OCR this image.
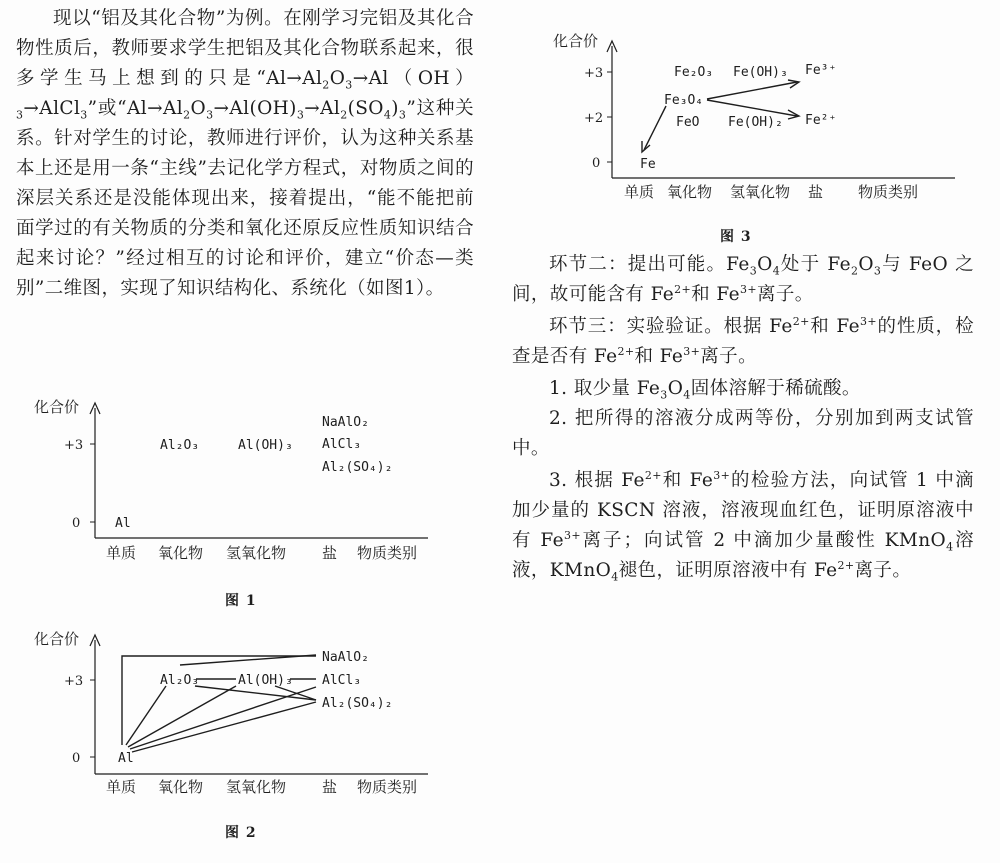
现以“铝及其化合物”为例。在刚学习完铝及其化合物性质后，教师要求学生把铝及其化合物联系起来，很多学生马上想到的只是“$Al\to Al_2O_3\to Al(OH)_3\to AlCl_3$”或“$Al\to Al_2O_3\to Al(OH)_3\to Al_2(SO_4)_3$”这种关系。针对学生的讨论，教师进行评价，认为这种关系基本上还是用一条“主线”去记化学方程式，对物质之间的深层关系还是没能体现出来，接着提出，“能不能把前面学过的有关物质的分类和氧化还原反应性质知识结合起来讨论？”经过相互的讨论和评价，建立“价态—类别”二维图，实现了知识结构化、系统化（如图1）。

化合价
+3
0
单质 氧化物 氢氧化物 盐 物质类别
Al
Al₂O₃	Al(OH)₃
NaAlO₂
AlCl₃
Al₂(SO₄)₂
图 1
化合价
+3
0
单质 氧化物 氢氧化物 盐 物质类别
Al
Al₂O₃	Al(OH)₃
NaAlO₂
AlCl₃
Al₂(SO₄)₂
图 2
化合价
+3
+2
0
单质 氧化物 氢氧化物 盐 物质类别
Fe₂O₃ Fe(OH)₃ Fe³⁺
Fe₃O₄
FeO Fe(OH)₂ Fe²⁺
Fe
图 3

环节二：提出可能。$Fe_3O_4$处于 $Fe_2O_3$与 FeO 之间，故可能含有 $Fe^{2+}$和 $Fe^{3+}$离子。

环节三：实验验证。根据 $Fe^{2+}$和 $Fe^{3+}$的性质，检查是否有 $Fe^{2+}$和 $Fe^{3+}$离子。

1. 取少量 $Fe_3O_4$固体溶解于稀硫酸。

2. 把所得的溶液分成两等份，分别加到两支试管中。

3. 根据 $Fe^{2+}$和 $Fe^{3+}$的检验方法，向试管 1 中滴加少量的 KSCN 溶液，溶液现血红色，证明原溶液中有 $Fe^{3+}$离子；向试管 2 中滴加少量酸性 KMnO$_4$溶液，KMnO$_4$褪色，证明原溶液中有 $Fe^{2+}$离子。
